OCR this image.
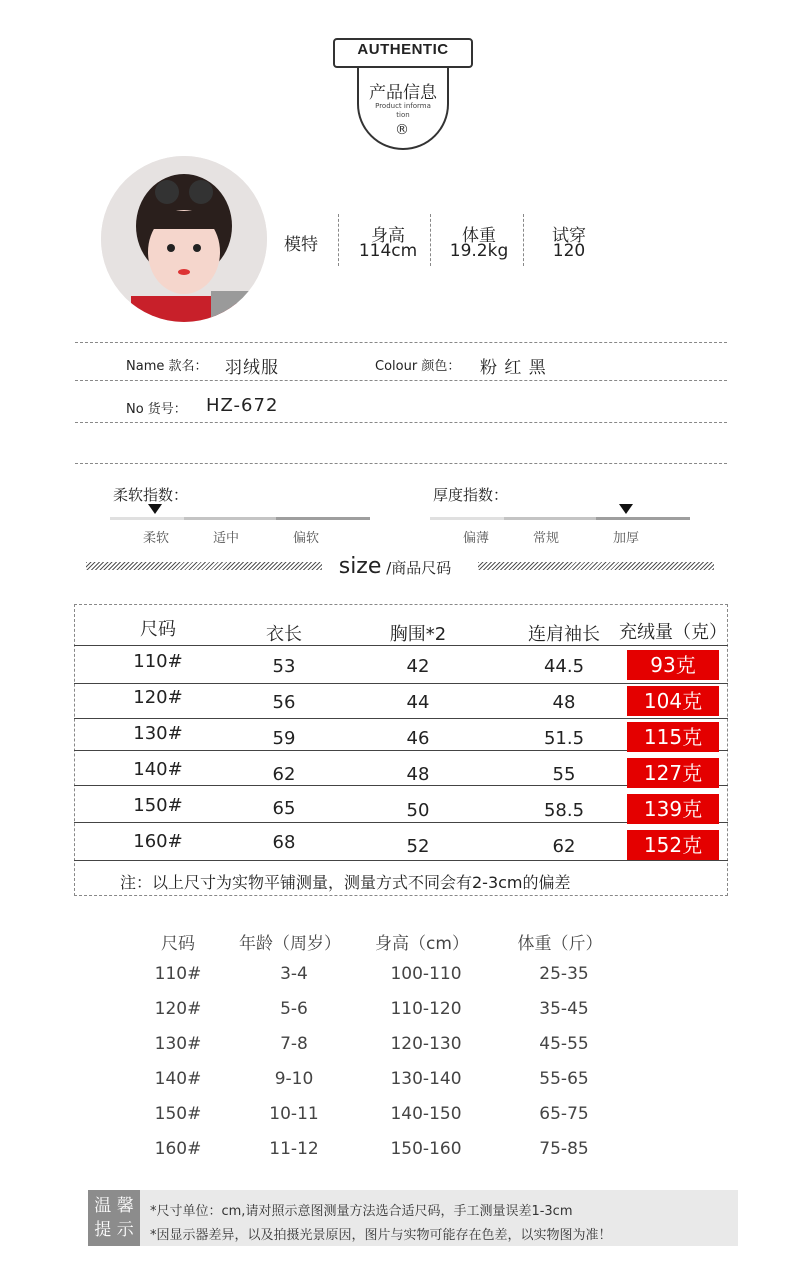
AUTHENTIC
产品信息
Product informa tion
®
模特	身高
114cm
体重
19.2kg
试穿
120
Name 款名： 羽绒服	Colour 颜色： 粉 红 黑
No 货号： HZ-672
柔软指数：
柔软	适中	偏软
厚度指数：
偏薄	常规	加厚
size /商品尺码
尺码	衣长	胸围*2	连肩袖长	充绒量（克）
110#	53	42	44.5	93克
120#	56	44	48	104克
130#	59	46	51.5	115克
140#	62	48	55	127克
150#	65	50	58.5	139克
160#	68	52	62	152克
注：以上尺寸为实物平铺测量，测量方式不同会有2-3cm的偏差
尺码	年龄（周岁）	身高（cm）	体重（斤）
110#	3-4	100-110	25-35
120#	5-6	110-120	35-45
130#	7-8	120-130	45-55
140#	9-10	130-140	55-65
150#	10-11	140-150	65-75
160#	11-12	150-160	75-85
温 馨
提 示
*尺寸单位：cm,请对照示意图测量方法选合适尺码，手工测量误差1-3cm
*因显示器差异，以及拍摄光景原因，图片与实物可能存在色差，以实物图为准！
